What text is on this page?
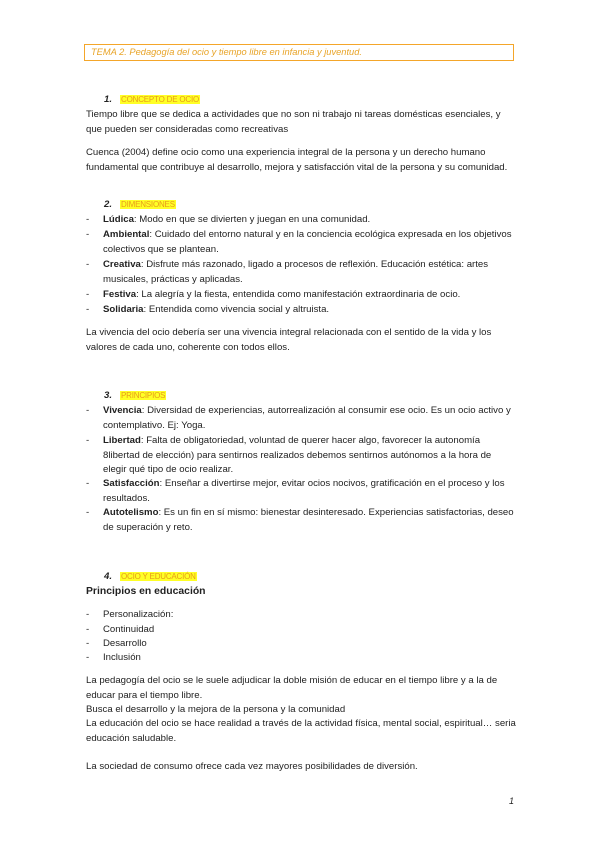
TEMA 2. Pedagogía del ocio y tiempo libre en infancia y juventud.
1. CONCEPTO DE OCIO
Tiempo libre que se dedica a actividades que no son ni trabajo ni tareas domésticas esenciales, y que pueden ser consideradas como recreativas
Cuenca (2004) define ocio como una experiencia integral de la persona y un derecho humano fundamental que contribuye al desarrollo, mejora y satisfacción vital de la persona y su comunidad.
2. DIMENSIONES
- Lúdica: Modo en que se divierten y juegan en una comunidad.
- Ambiental: Cuidado del entorno natural y en la conciencia ecológica expresada en los objetivos colectivos que se plantean.
- Creativa: Disfrute más razonado, ligado a procesos de reflexión. Educación estética: artes musicales, prácticas y aplicadas.
- Festiva: La alegría y la fiesta, entendida como manifestación extraordinaria de ocio.
- Solidaria: Entendida como vivencia social y altruista.
La vivencia del ocio debería ser una vivencia integral relacionada con el sentido de la vida y los valores de cada uno, coherente con todos ellos.
3. PRINCIPIOS
- Vivencia: Diversidad de experiencias, autorrealización al consumir ese ocio. Es un ocio activo y contemplativo. Ej: Yoga.
- Libertad: Falta de obligatoriedad, voluntad de querer hacer algo, favorecer la autonomía 8libertad de elección) para sentirnos realizados debemos sentirnos autónomos a la hora de elegir qué tipo de ocio realizar.
- Satisfacción: Enseñar a divertirse mejor, evitar ocios nocivos, gratificación en el proceso y los resultados.
- Autotelismo: Es un fin en sí mismo: bienestar desinteresado. Experiencias satisfactorias, deseo de superación y reto.
4. OCIO Y EDUCACIÓN
Principios en educación
- Personalización:
- Continuidad
- Desarrollo
- Inclusión
La pedagogía del ocio se le suele adjudicar la doble misión de educar en el tiempo libre y a la de educar para el tiempo libre.
Busca el desarrollo y la mejora de la persona y la comunidad
La educación del ocio se hace realidad a través de la actividad física, mental social, espiritual… seria educación saludable.
La sociedad de consumo ofrece cada vez mayores posibilidades de diversión.
1
